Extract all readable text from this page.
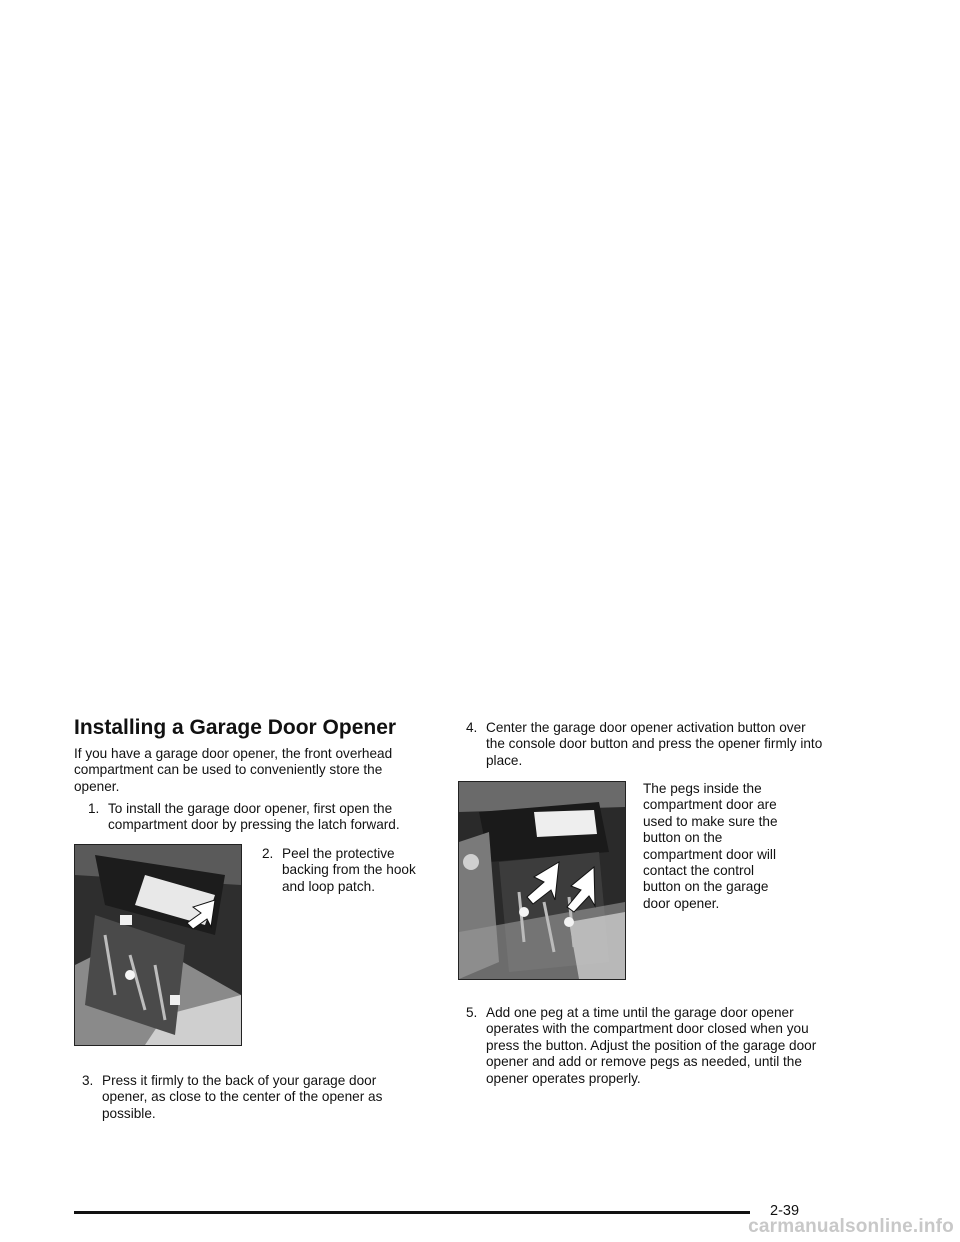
Installing a Garage Door Opener

If you have a garage door opener, the front overhead compartment can be used to conveniently store the opener.

1. To install the garage door opener, first open the compartment door by pressing the latch forward.
2. Peel the protective backing from the hook and loop patch.
3. Press it firmly to the back of your garage door opener, as close to the center of the opener as possible.
4. Center the garage door opener activation button over the console door button and press the opener firmly into place.

The pegs inside the compartment door are used to make sure the button on the compartment door will contact the control button on the garage door opener.

5. Add one peg at a time until the garage door opener operates with the compartment door closed when you press the button. Adjust the position of the garage door opener and add or remove pegs as needed, until the opener operates properly.
2-39
carmanualsonline.info
